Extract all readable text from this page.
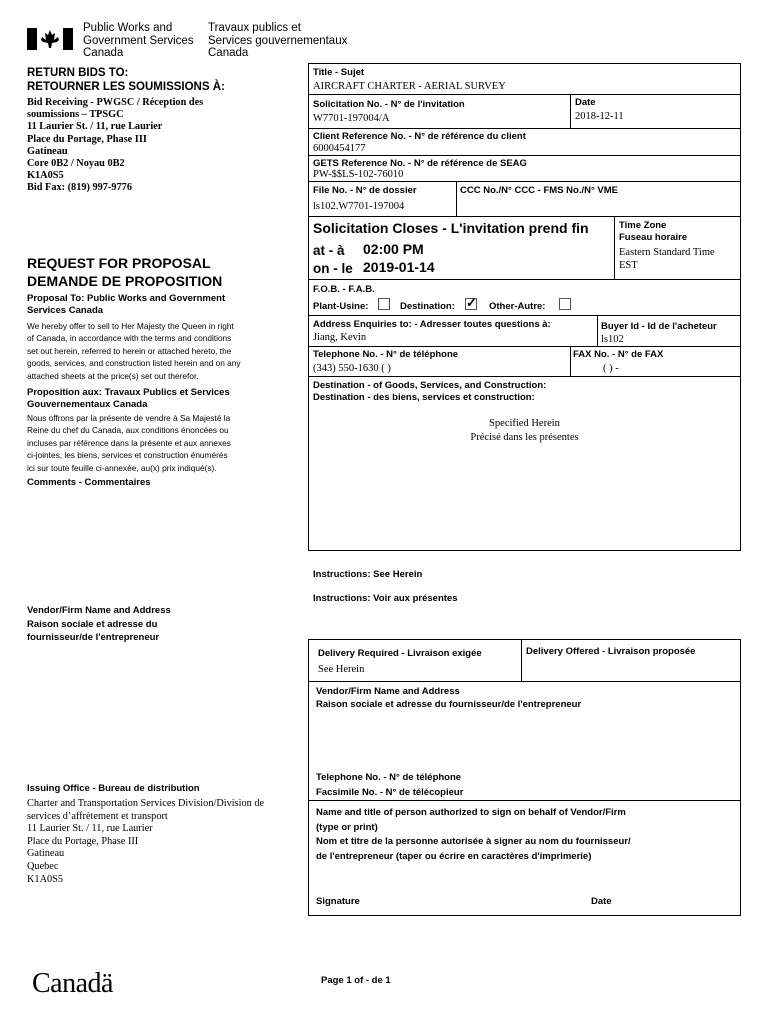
Public Works and
Government Services
Canada
Travaux publics et
Services gouvernementaux
Canada
RETURN BIDS TO:
RETOURNER LES SOUMISSIONS À:
Bid Receiving - PWGSC / Réception des
soumissions – TPSGC
11 Laurier St. / 11, rue Laurier
Place du Portage, Phase III
Gatineau
Core 0B2 / Noyau 0B2
K1A0S5
Bid Fax: (819) 997-9776
REQUEST FOR PROPOSAL
DEMANDE DE PROPOSITION
Proposal To: Public Works and Government
Services Canada
We hereby offer to sell to Her Majesty the Queen in right
of Canada, in accordance with the terms and conditions
set out herein, referred to herein or attached hereto, the
goods, services, and construction listed herein and on any
attached sheets at the price(s) set out therefor.
Proposition aux: Travaux Publics et Services
Gouvernementaux Canada
Nous offrons par la présente de vendre à Sa Majesté la
Reine du chef du Canada, aux conditions énoncées ou
incluses par référence dans la présente et aux annexes
ci-jointes, les biens, services et construction énumérés
ici sur toute feuille ci-annexée, au(x) prix indiqué(s).
Comments - Commentaires
Vendor/Firm Name and Address
Raison sociale et adresse du
fournisseur/de l'entrepreneur
Issuing Office - Bureau de distribution
Charter and Transportation Services Division/Division de
services d’affrètement et transport
11 Laurier St. / 11, rue Laurier
Place du Portage, Phase III
Gatineau
Quebec
K1A0S5
Title - Sujet
AIRCRAFT CHARTER - AERIAL SURVEY
Solicitation No. - N° de l'invitation
W7701-197004/A
Date
2018-12-11
Client Reference No. - N° de référence du client
6000454177
GETS Reference No. - N° de référence de SEAG
PW-$$LS-102-76010
File No. - N° de dossier
ls102.W7701-197004
CCC No./N° CCC - FMS No./N° VME
Solicitation Closes - L'invitation prend fin
at - à 02:00 PM
on - le 2019-01-14
Time Zone
Fuseau horaire
Eastern Standard Time
EST
F.O.B. - F.A.B.
Plant-Usine:	Destination: ✓ Other-Autre:
Address Enquiries to: - Adresser toutes questions à:
Jiang, Kevin
Buyer Id - Id de l'acheteur
ls102
Telephone No. - N° de téléphone
(343) 550-1630 ( )
FAX No. - N° de FAX
( ) -
Destination - of Goods, Services, and Construction:
Destination - des biens, services et construction:
Specified Herein
Précisé dans les présentes
Instructions: See Herein
Instructions: Voir aux présentes
Delivery Required - Livraison exigée
See Herein
Delivery Offered - Livraison proposée
Vendor/Firm Name and Address
Raison sociale et adresse du fournisseur/de l'entrepreneur
Telephone No. - N° de téléphone
Facsimile No. - N° de télécopieur
Name and title of person authorized to sign on behalf of Vendor/Firm
(type or print)
Nom et titre de la personne autorisée à signer au nom du fournisseur/
de l'entrepreneur (taper ou écrire en caractères d'imprimerie)
Signature	Date
Canadä	Page 1 of - de 1
